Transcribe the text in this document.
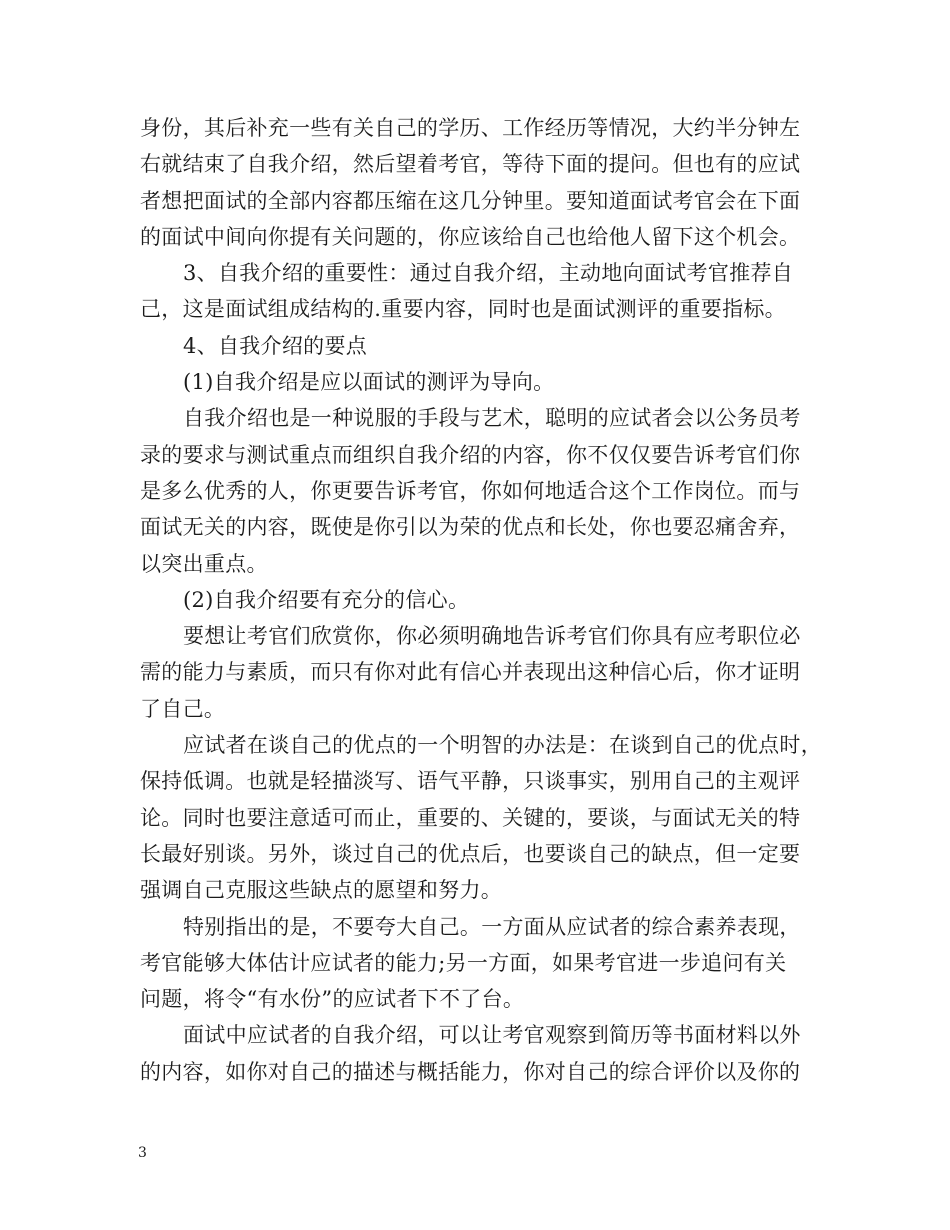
身份，其后补充一些有关自己的学历、工作经历等情况，大约半分钟左
右就结束了自我介绍，然后望着考官，等待下面的提问。但也有的应试
者想把面试的全部内容都压缩在这几分钟里。要知道面试考官会在下面
的面试中间向你提有关问题的，你应该给自己也给他人留下这个机会。
3、自我介绍的重要性：通过自我介绍，主动地向面试考官推荐自
己，这是面试组成结构的.重要内容，同时也是面试测评的重要指标。
4、自我介绍的要点
(1)自我介绍是应以面试的测评为导向。
自我介绍也是一种说服的手段与艺术，聪明的应试者会以公务员考
录的要求与测试重点而组织自我介绍的内容，你不仅仅要告诉考官们你
是多么优秀的人，你更要告诉考官，你如何地适合这个工作岗位。而与
面试无关的内容，既使是你引以为荣的优点和长处，你也要忍痛舍弃，
以突出重点。
(2)自我介绍要有充分的信心。
要想让考官们欣赏你，你必须明确地告诉考官们你具有应考职位必
需的能力与素质，而只有你对此有信心并表现出这种信心后，你才证明
了自己。
应试者在谈自己的优点的一个明智的办法是：在谈到自己的优点时，
保持低调。也就是轻描淡写、语气平静，只谈事实，别用自己的主观评
论。同时也要注意适可而止，重要的、关键的，要谈，与面试无关的特
长最好别谈。另外，谈过自己的优点后，也要谈自己的缺点，但一定要
强调自己克服这些缺点的愿望和努力。
特别指出的是，不要夸大自己。一方面从应试者的综合素养表现，
考官能够大体估计应试者的能力;另一方面，如果考官进一步追问有关
问题，将令“有水份”的应试者下不了台。
面试中应试者的自我介绍，可以让考官观察到简历等书面材料以外
的内容，如你对自己的描述与概括能力，你对自己的综合评价以及你的
3
